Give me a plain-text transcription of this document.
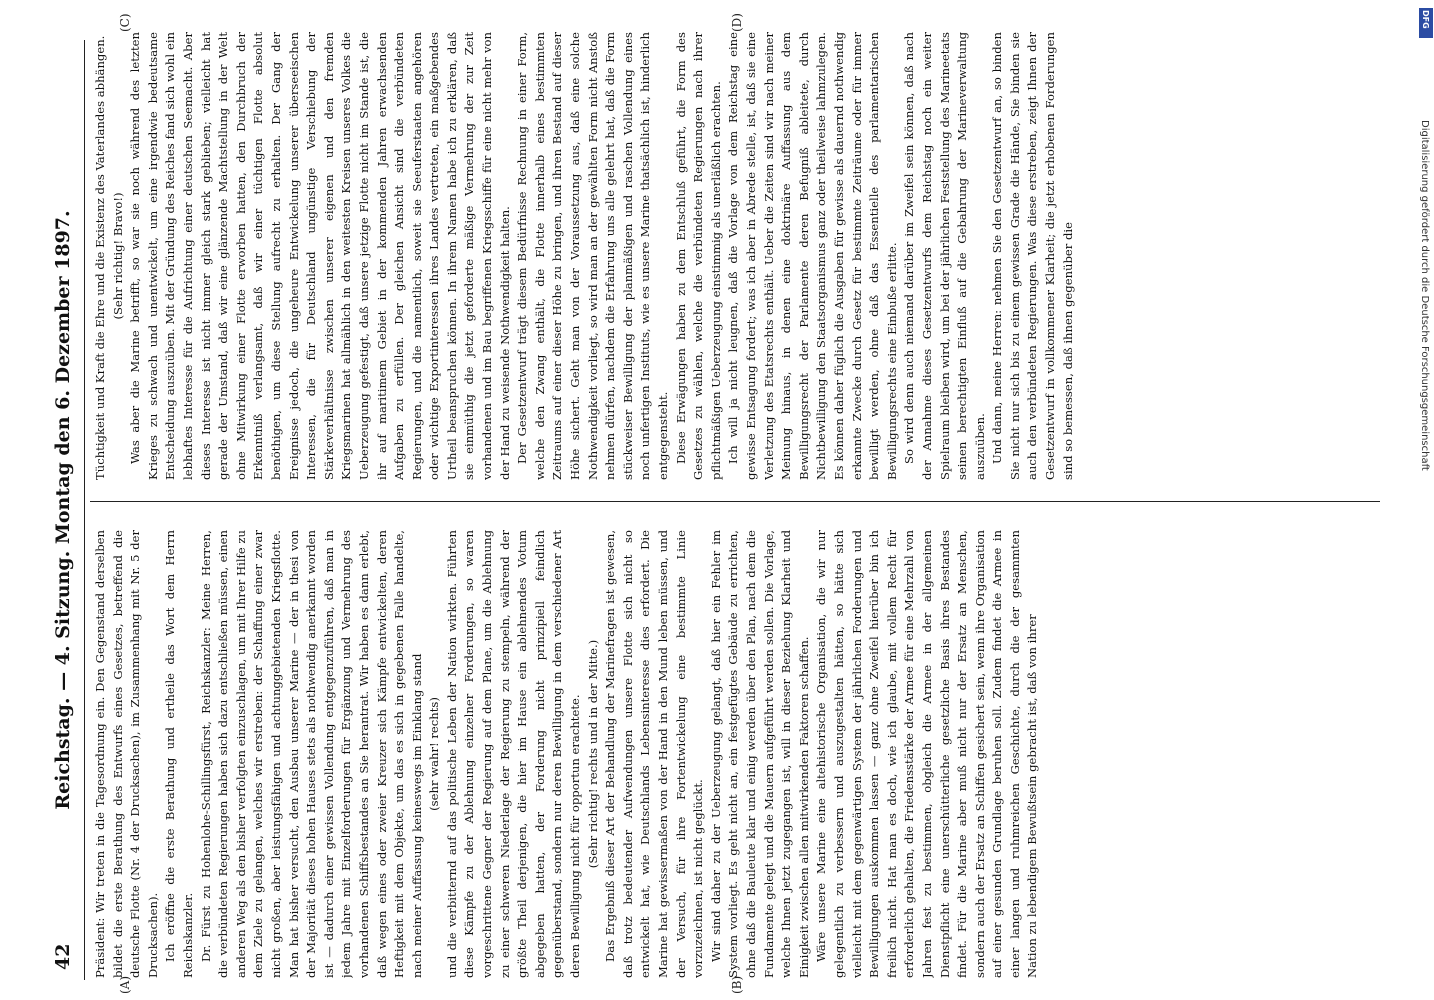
42
Reichstag. — 4. Sitzung. Montag den 6. Dezember 1897.
(A)	(B)
(C)	(D)

Präsident: Wir treten in die Tagesordnung ein. Den Gegenstand derselben bildet die erste Berathung des Entwurfs eines Gesetzes, betreffend die deutsche Flotte (Nr. 4 der Drucksachen), im Zusammenhang mit Nr. 5 der Drucksachen). Ich eröffne die erste Berathung und ertheile das Wort dem Herrn Reichskanzler. Dr. Fürst zu Hohenlohe-Schillingsfürst, Reichskanzler: Meine Herren, die verbündeten Regierungen haben sich dazu entschließen müssen, einen anderen Weg als den bisher verfolgten einzuschlagen, um mit Ihrer Hilfe zu dem Ziele zu gelangen, welches wir erstreben: der Schaffung einer zwar nicht großen, aber leistungsfähigen und achtunggebietenden Kriegsflotte. Man hat bisher versucht, den Ausbau unserer Marine — der in thesi von der Majorität dieses hohen Hauses stets als nothwendig anerkannt worden ist — dadurch einer gewissen Vollendung entgegenzuführen, daß man in jedem Jahre mit Einzelforderungen für Ergänzung und Vermehrung des vorhandenen Schiffsbestandes an Sie herantrat. Wir haben es dann erlebt, daß wegen eines oder zweier Kreuzer sich Kämpfe entwickelten, deren Heftigkeit mit dem Objekte, um das es sich in gegebenen Falle handelte, nach meiner Auffassung keineswegs im Einklang stand (sehr wahr! rechts) und die verbitternd auf das politische Leben der Nation wirkten. Führten diese Kämpfe zu der Ablehnung einzelner Forderungen, so waren vorgeschrittene Gegner der Regierung auf dem Plane, um die Ablehnung zu einer schweren Niederlage der Regierung zu stempeln, während der größte Theil derjenigen, die hier im Hause ein ablehnendes Votum abgegeben hatten, der Forderung nicht prinzipiell feindlich gegenüberstand, sondern nur deren Bewilligung in dem verschiedener Art deren Bewilligung nicht für opportun erachtete. (Sehr richtig! rechts und in der Mitte.) Das Ergebniß dieser Art der Behandlung der Marinefragen ist gewesen, daß trotz bedeutender Aufwendungen unsere Flotte sich nicht so entwickelt hat, wie Deutschlands Lebensinteresse dies erfordert. Die Marine hat gewissermaßen von der Hand in den Mund leben müssen, und der Versuch, für ihre Fortentwickelung eine bestimmte Linie vorzuzeichnen, ist nicht geglückt. Wir sind daher zu der Ueberzeugung gelangt, daß hier ein Fehler im System vorliegt. Es geht nicht an, ein festgefügtes Gebäude zu errichten, ohne daß die Bauleute klar und einig werden über den Plan, nach dem die Fundamente gelegt und die Mauern aufgeführt werden sollen. Die Vorlage, welche Ihnen jetzt zugegangen ist, will in dieser Beziehung Klarheit und Einigkeit zwischen allen mitwirkenden Faktoren schaffen. Wäre unsere Marine eine altehistorische Organisation, die wir nur gelegentlich zu verbessern und auszugestalten hätten, so hätte sich vielleicht mit dem gegenwärtigen System der jährlichen Forderungen und Bewilligungen auskommen lassen — ganz ohne Zweifel hierüber bin ich freilich nicht. Hat man es doch, wie ich glaube, mit vollem Recht für erforderlich gehalten, die Friedensstärke der Armee für eine Mehrzahl von Jahren fest zu bestimmen, obgleich die Armee in der allgemeinen Dienstpflicht eine unerschütterliche gesetzliche Basis ihres Bestandes findet. Für die Marine aber muß nicht nur der Ersatz an Menschen, sondern auch der Ersatz an Schiffen gesichert sein, wenn ihre Organisation auf einer gesunden Grundlage beruhen soll. Zudem findet die Armee in einer langen und ruhmreichen Geschichte, durch die der gesammten Nation zu lebendigem Bewußtsein gebracht ist, daß von ihrer

Tüchtigkeit und Kraft die Ehre und die Existenz des Vaterlandes abhängen. (Sehr richtig! Bravo!) Was aber die Marine betrifft, so war sie noch während des letzten Krieges zu schwach und unentwickelt, um eine irgendwie bedeutsame Entscheidung auszuüben. Mit der Gründung des Reiches fand sich wohl ein lebhaftes Interesse für die Aufrichtung einer deutschen Seemacht. Aber dieses Interesse ist nicht immer gleich stark geblieben; vielleicht hat gerade der Umstand, daß wir eine glänzende Machtstellung in der Welt ohne Mitwirkung einer Flotte erworben hatten, den Durchbruch der Erkenntniß verlangsamt, daß wir einer tüchtigen Flotte absolut benöthigen, um diese Stellung aufrecht zu erhalten. Der Gang der Ereignisse jedoch, die ungeheure Entwickelung unserer überseeischen Interessen, die für Deutschland ungünstige Verschiebung der Stärkeverhältnisse zwischen unserer eigenen und den fremden Kriegsmarinen hat allmählich in den weitesten Kreisen unseres Volkes die Ueberzeugung gefestigt, daß unsere jetzige Flotte nicht im Stande ist, die ihr auf maritimem Gebiet in der kommenden Jahren erwachsenden Aufgaben zu erfüllen. Der gleichen Ansicht sind die verbündeten Regierungen, und die namentlich, soweit sie Seeuferstaaten angehören oder wichtige Exportinteressen ihres Landes vertreten, ein maßgebendes Urtheil beanspruchen können. In ihrem Namen habe ich zu erklären, daß sie einmüthig die jetzt geforderte mäßige Vermehrung der zur Zeit vorhandenen und im Bau begriffenen Kriegsschiffe für eine nicht mehr von der Hand zu weisende Nothwendigkeit halten. Der Gesetzentwurf trägt diesem Bedürfnisse Rechnung in einer Form, welche den Zwang enthält, die Flotte innerhalb eines bestimmten Zeitraums auf einer dieser Höhe zu bringen, und ihren Bestand auf dieser Höhe sichert. Geht man von der Voraussetzung aus, daß eine solche Nothwendigkeit vorliegt, so wird man an der gewählten Form nicht Anstoß nehmen dürfen, nachdem die Erfahrung uns alle gelehrt hat, daß die Form stückweiser Bewilligung der planmäßigen und raschen Vollendung eines noch unfertigen Instituts, wie es unsere Marine thatsächlich ist, hinderlich entgegensteht. Diese Erwägungen haben zu dem Entschluß geführt, die Form des Gesetzes zu wählen, welche die verbündeten Regierungen nach ihrer pflichtmäßigen Ueberzeugung einstimmig als unerläßlich erachten. Ich will ja nicht leugnen, daß die Vorlage von dem Reichstag eine gewisse Entsagung fordert; was ich aber in Abrede stelle, ist, daß sie eine Verletzung des Etatsrechts enthält. Ueber die Zeiten sind wir nach meiner Meinung hinaus, in denen eine doktrinäre Auffassung aus dem Bewilligungsrecht der Parlamente deren Befugniß ableitete, durch Nichtbewilligung den Staatsorganismus ganz oder theilweise lahmzulegen. Es können daher füglich die Ausgaben für gewisse als dauernd nothwendig erkannte Zwecke durch Gesetz für bestimmte Zeiträume oder für immer bewilligt werden, ohne daß das Essentielle des parlamentarischen Bewilligungsrechts eine Einbuße erlitte. So wird denn auch niemand darüber im Zweifel sein können, daß nach der Annahme dieses Gesetzentwurfs dem Reichstag noch ein weiter Spielraum bleiben wird, um bei der jährlichen Feststellung des Marineetats seinen berechtigten Einfluß auf die Gebahrung der Marineverwaltung auszuüben. Und dann, meine Herren: nehmen Sie den Gesetzentwurf an, so binden Sie nicht nur sich bis zu einem gewissen Grade die Hände, Sie binden sie auch den verbündeten Regierungen. Was diese erstreben, zeigt Ihnen der Gesetzentwurf in vollkommener Klarheit; die jetzt erhobenen Forderungen sind so bemessen, daß ihnen gegenüber die

DFG
Digitalisierung gefördert durch die Deutsche Forschungsgemeinschaft
